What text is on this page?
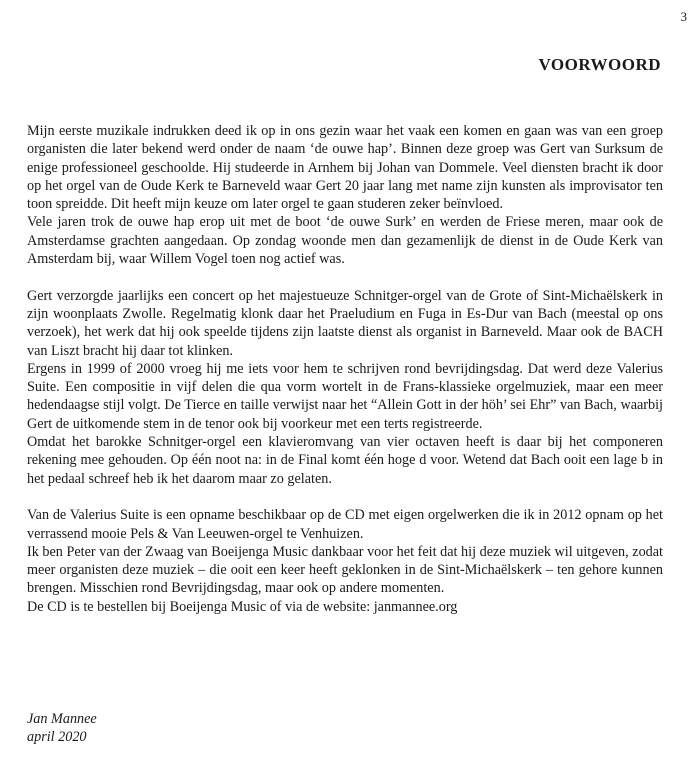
3
VOORWOORD

Mijn eerste muzikale indrukken deed ik op in ons gezin waar het vaak een komen en gaan was van een groep organisten die later bekend werd onder de naam ‘de ouwe hap’. Binnen deze groep was Gert van Surksum de enige professioneel geschoolde. Hij studeerde in Arnhem bij Johan van Dommele. Veel diensten bracht ik door op het orgel van de Oude Kerk te Barneveld waar Gert 20 jaar lang met name zijn kunsten als improvisator ten toon spreidde. Dit heeft mijn keuze om later orgel te gaan studeren zeker beïnvloed.

Vele jaren trok de ouwe hap erop uit met de boot ‘de ouwe Surk’ en werden de Friese meren, maar ook de Amsterdamse grachten aangedaan. Op zondag woonde men dan gezamenlijk de dienst in de Oude Kerk van Amsterdam bij, waar Willem Vogel toen nog actief was.

Gert verzorgde jaarlijks een concert op het majestueuze Schnitger-orgel van de Grote of Sint-Michaëlskerk in zijn woonplaats Zwolle. Regelmatig klonk daar het Praeludium en Fuga in Es-Dur van Bach (meestal op ons verzoek), het werk dat hij ook speelde tijdens zijn laatste dienst als organist in Barneveld. Maar ook de BACH van Liszt bracht hij daar tot klinken.

Ergens in 1999 of 2000 vroeg hij me iets voor hem te schrijven rond bevrijdingsdag. Dat werd deze Valerius Suite. Een compositie in vijf delen die qua vorm wortelt in de Frans-klassieke orgelmuziek, maar een meer hedendaagse stijl volgt. De Tierce en taille verwijst naar het “Allein Gott in der höh’ sei Ehr” van Bach, waarbij Gert de uitkomende stem in de tenor ook bij voorkeur met een terts registreerde.

Omdat het barokke Schnitger-orgel een klavieromvang van vier octaven heeft is daar bij het componeren rekening mee gehouden. Op één noot na: in de Final komt één hoge d voor. Wetend dat Bach ooit een lage b in het pedaal schreef heb ik het daarom maar zo gelaten.

Van de Valerius Suite is een opname beschikbaar op de CD met eigen orgelwerken die ik in 2012 opnam op het verrassend mooie Pels & Van Leeuwen-orgel te Venhuizen.

Ik ben Peter van der Zwaag van Boeijenga Music dankbaar voor het feit dat hij deze muziek wil uitgeven, zodat meer organisten deze muziek – die ooit een keer heeft geklonken in de Sint-Michaëlskerk – ten gehore kunnen brengen. Misschien rond Bevrijdingsdag, maar ook op andere momenten.

De CD is te bestellen bij Boeijenga Music of via de website: janmannee.org

Jan Mannee
april 2020
